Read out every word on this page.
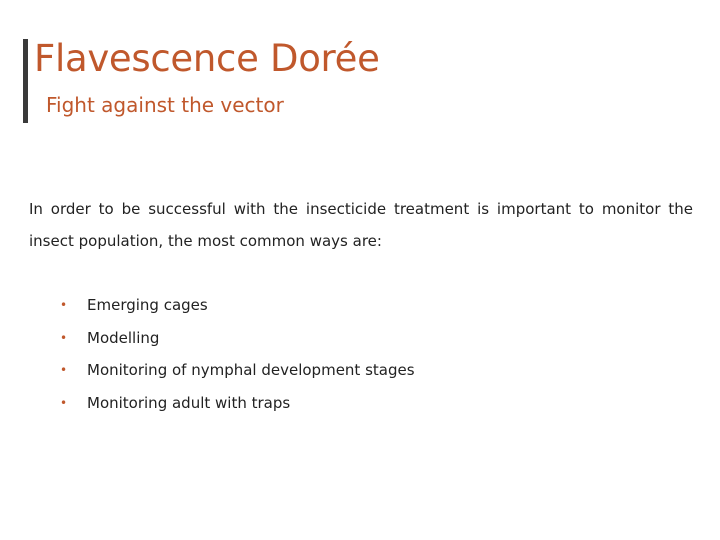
Flavescence Dorée
Fight against the vector

In order to be successful with the insecticide treatment is important to monitor the insect population, the most common ways are:

• Emerging cages
• Modelling
• Monitoring of nymphal development stages
• Monitoring adult with traps
